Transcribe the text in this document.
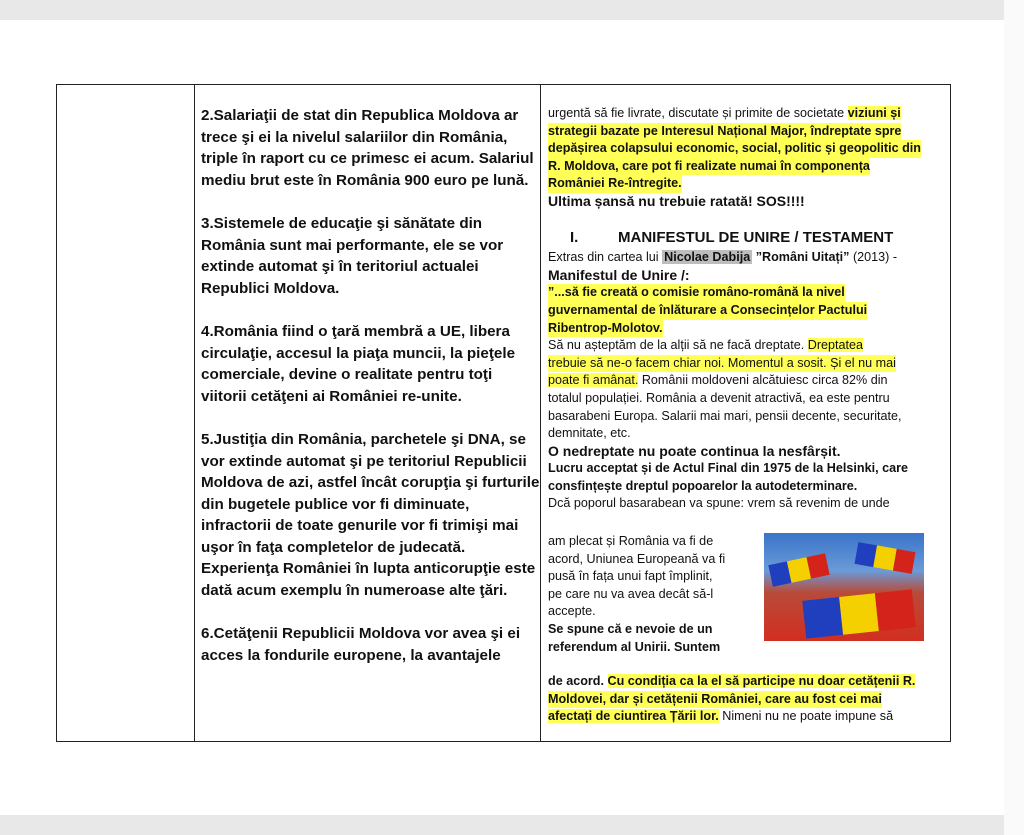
2.Salariaţii de stat din Republica Moldova ar trece şi ei la nivelul salariilor din România, triple în raport cu ce primesc ei acum. Salariul mediu brut este în România 900 euro pe lună.

3.Sistemele de educaţie şi sănătate din România sunt mai performante, ele se vor extinde automat şi în teritoriul actualei Republici Moldova.

4.România fiind o ţară membră a UE, libera circulaţie, accesul la piaţa muncii, la pieţele comerciale, devine o realitate pentru toţi viitorii cetăţeni ai României re-unite.

5.Justiţia din România, parchetele şi DNA, se vor extinde automat şi pe teritoriul Republicii Moldova de azi, astfel încât corupţia şi furturile din bugetele publice vor fi diminuate, infractorii de toate genurile vor fi trimişi mai uşor în faţa completelor de judecată. Experienţa României în lupta anticorupţie este dată acum exemplu în numeroase alte ţări.

6.Cetăţenii Republicii Moldova vor avea şi ei acces la fondurile europene, la avantajele

urgentă să fie livrate, discutate și primite de societate viziuni și
strategii bazate pe Interesul Național Major, îndreptate spre depășirea colapsului economic, social, politic și geopolitic din R. Moldova, care pot fi realizate numai în componența României Re-întregite.
Ultima șansă nu trebuie ratată! SOS!!!!
I.	MANIFESTUL DE UNIRE / TESTAMENT
Extras din cartea lui Nicolae Dabija ”Români Uitați” (2013) -
Manifestul de Unire /:
”...să fie creată o comisie româno-română la nivel guvernamental de înlăturare a Consecințelor Pactului Ribentrop-Molotov.
Să nu așteptăm de la alții să ne facă dreptate. Dreptatea
trebuie să ne-o facem chiar noi. Momentul a sosit. Și el nu mai
poate fi amânat. Românii moldoveni alcătuiesc circa 82% din
totalul populației. România a devenit atractivă, ea este pentru
basarabeni Europa. Salarii mai mari, pensii decente, securitate,
demnitate, etc.
O nedreptate nu poate continua la nesfârșit.
Lucru acceptat și de Actul Final din 1975 de la Helsinki, care
consfințește dreptul popoarelor la autodeterminare.
Dcă poporul basarabean va spune: vrem să revenim de unde
am plecat și România va fi de
acord, Uniunea Europeană va fi
pusă în fața unui fapt împlinit,
pe care nu va avea decât să-l
accepte.
Se spune că e nevoie de un
referendum al Unirii. Suntem
de acord. Cu condiția ca la el să participe nu doar cetățenii R.
Moldovei, dar și cetățenii României, care au fost cei mai
afectați de ciuntirea Țării lor. Nimeni nu ne poate impune să
